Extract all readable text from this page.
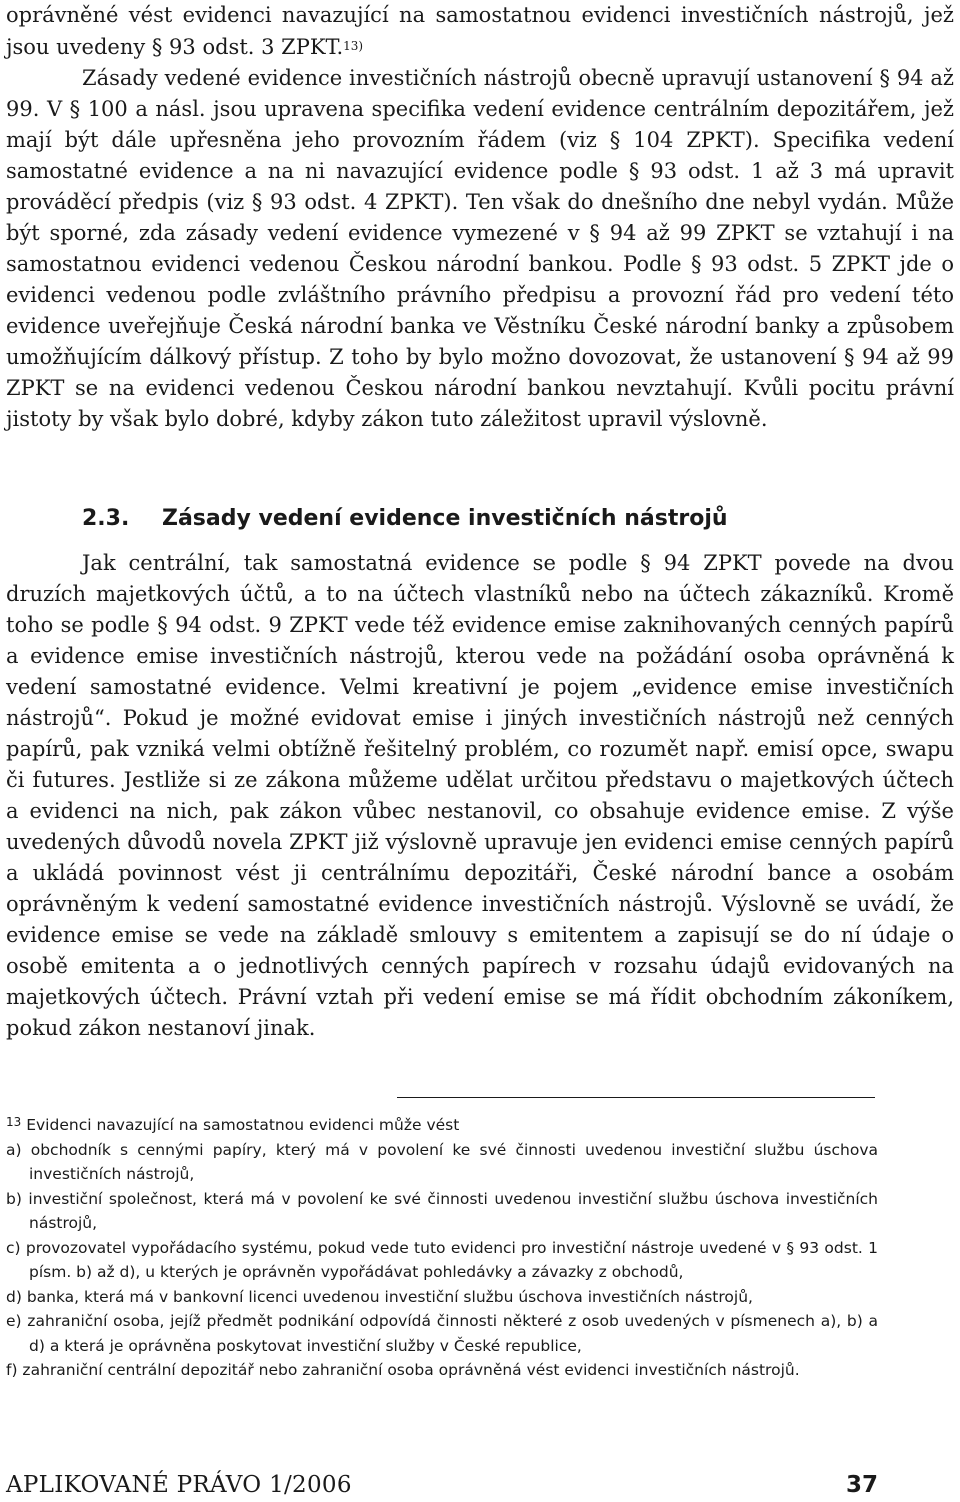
oprávněné vést evidenci navazující na samostatnou evidenci investičních nástrojů, jež jsou uvedeny § 93 odst. 3 ZPKT.$^{13)}$
Zásady vedené evidence investičních nástrojů obecně upravují ustanovení § 94 až 99. V § 100 a násl. jsou upravena specifika vedení evidence centrálním depozitářem, jež mají být dále upřesněna jeho provozním řádem (viz § 104 ZPKT). Specifika vedení samostatné evidence a na ni navazující evidence podle § 93 odst. 1 až 3 má upravit prováděcí předpis (viz § 93 odst. 4 ZPKT). Ten však do dnešního dne nebyl vydán. Může být sporné, zda zásady vedení evidence vymezené v § 94 až 99 ZPKT se vztahují i na samostatnou evidenci vedenou Českou národní bankou. Podle § 93 odst. 5 ZPKT jde o evidenci vedenou podle zvláštního právního předpisu a provozní řád pro vedení této evidence uveřejňuje Česká národní banka ve Věstníku České národní banky a způsobem umožňujícím dálkový přístup. Z toho by bylo možno dovozovat, že ustanovení § 94 až 99 ZPKT se na evidenci vedenou Českou národní bankou nevztahují. Kvůli pocitu právní jistoty by však bylo dobré, kdyby zákon tuto záležitost upravil výslovně.

2.3. Zásady vedení evidence investičních nástrojů

Jak centrální, tak samostatná evidence se podle § 94 ZPKT povede na dvou druzích majetkových účtů, a to na účtech vlastníků nebo na účtech zákazníků. Kromě toho se podle § 94 odst. 9 ZPKT vede též evidence emise zaknihovaných cenných papírů a evidence emise investičních nástrojů, kterou vede na požádání osoba oprávněná k vedení samostatné evidence. Velmi kreativní je pojem „evidence emise investičních nástrojů“. Pokud je možné evidovat emise i jiných investičních nástrojů než cenných papírů, pak vzniká velmi obtížně řešitelný problém, co rozumět např. emisí opce, swapu či futures. Jestliže si ze zákona můžeme udělat určitou představu o majetkových účtech a evidenci na nich, pak zákon vůbec nestanovil, co obsahuje evidence emise. Z výše uvedených důvodů novela ZPKT již výslovně upravuje jen evidenci emise cenných papírů a ukládá povinnost vést ji centrálnímu depozitáři, České národní bance a osobám oprávněným k vedení samostatné evidence investičních nástrojů. Výslovně se uvádí, že evidence emise se vede na základě smlouvy s emitentem a zapisují se do ní údaje o osobě emitenta a o jednotlivých cenných papírech v rozsahu údajů evidovaných na majetkových účtech. Právní vztah při vedení emise se má řídit obchodním zákoníkem, pokud zákon nestanoví jinak.

$^{13}$ Evidenci navazující na samostatnou evidenci může vést

a) obchodník s cennými papíry, který má v povolení ke své činnosti uvedenou investiční službu úschova investičních nástrojů,

b) investiční společnost, která má v povolení ke své činnosti uvedenou investiční službu úschova investičních nástrojů,

c) provozovatel vypořádacího systému, pokud vede tuto evidenci pro investiční nástroje uvedené v § 93 odst. 1 písm. b) až d), u kterých je oprávněn vypořádávat pohledávky a závazky z obchodů,

d) banka, která má v bankovní licenci uvedenou investiční službu úschova investičních nástrojů,

e) zahraniční osoba, jejíž předmět podnikání odpovídá činnosti některé z osob uvedených v písmenech a), b) a d) a která je oprávněna poskytovat investiční služby v České republice,

f) zahraniční centrální depozitář nebo zahraniční osoba oprávněná vést evidenci investičních nástrojů.

APLIKOVANÉ PRÁVO 1/2006	37
